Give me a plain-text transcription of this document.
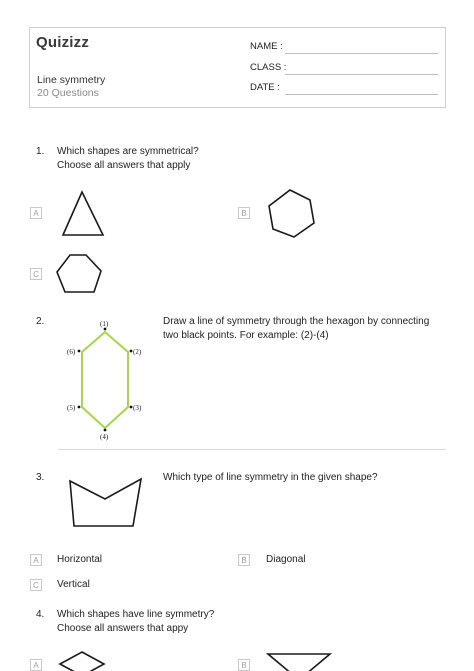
Quizizz
Line symmetry
20 Questions
NAME :
CLASS :
DATE :
1. Which shapes are symmetrical?
Choose all answers that apply
A	B
C
2.	Draw a line of symmetry through the hexagon by connecting
two black points. For example: (2)-(4)
(1)
(2)
(3)
(4)
(5)
(6)
3.	Which type of line symmetry in the given shape?
A	Horizontal	B	Diagonal
C	Vertical
4. Which shapes have line symmetry?
Choose all answers that appy
A	B
